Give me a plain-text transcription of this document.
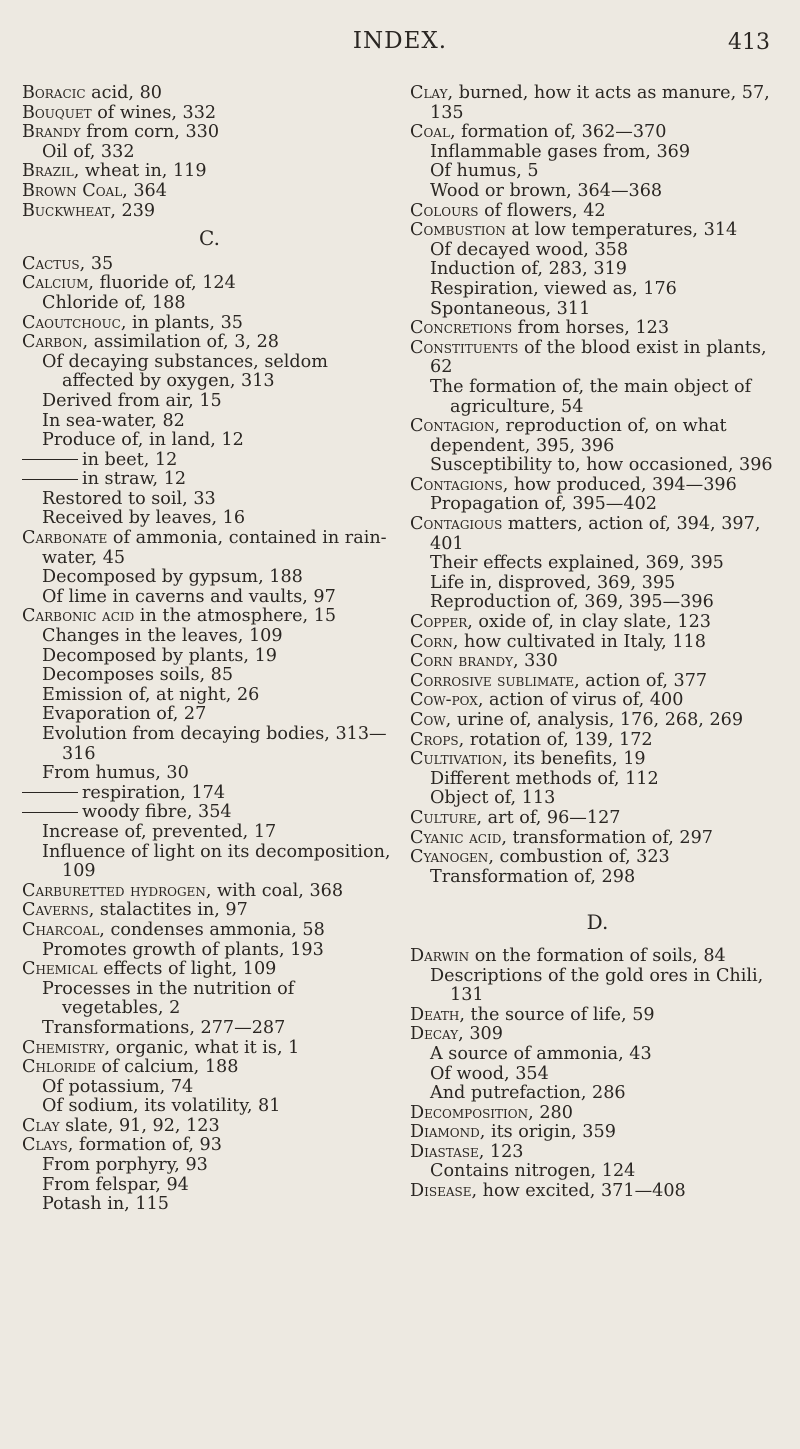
INDEX.	413

Boracic acid, 80

Bouquet of wines, 332

Brandy from corn, 330

Oil of, 332

Brazil, wheat in, 119

Brown Coal, 364

Buckwheat, 239

C.

Cactus, 35

Calcium, fluoride of, 124

Chloride of, 188

Caoutchouc, in plants, 35

Carbon, assimilation of, 3, 28

Of decaying substances, seldom affected by oxygen, 313

Derived from air, 15

In sea-water, 82

Produce of, in land, 12

in beet, 12

in straw, 12

Restored to soil, 33

Received by leaves, 16

Carbonate of ammonia, contained in rain-water, 45

Decomposed by gypsum, 188

Of lime in caverns and vaults, 97

Carbonic acid in the atmosphere, 15

Changes in the leaves, 109

Decomposed by plants, 19

Decomposes soils, 85

Emission of, at night, 26

Evaporation of, 27

Evolution from decaying bodies, 313—316

From humus, 30

respiration, 174

woody fibre, 354

Increase of, prevented, 17

Influence of light on its decomposition, 109

Carburetted hydrogen, with coal, 368

Caverns, stalactites in, 97

Charcoal, condenses ammonia, 58

Promotes growth of plants, 193

Chemical effects of light, 109

Processes in the nutrition of vegetables, 2

Transformations, 277—287

Chemistry, organic, what it is, 1

Chloride of calcium, 188

Of potassium, 74

Of sodium, its volatility, 81

Clay slate, 91, 92, 123

Clays, formation of, 93

From porphyry, 93

From felspar, 94

Potash in, 115

Clay, burned, how it acts as manure, 57, 135

Coal, formation of, 362—370

Inflammable gases from, 369

Of humus, 5

Wood or brown, 364—368

Colours of flowers, 42

Combustion at low temperatures, 314

Of decayed wood, 358

Induction of, 283, 319

Respiration, viewed as, 176

Spontaneous, 311

Concretions from horses, 123

Constituents of the blood exist in plants, 62

The formation of, the main object of agriculture, 54

Contagion, reproduction of, on what dependent, 395, 396

Susceptibility to, how occasioned, 396

Contagions, how produced, 394—396

Propagation of, 395—402

Contagious matters, action of, 394, 397, 401

Their effects explained, 369, 395

Life in, disproved, 369, 395

Reproduction of, 369, 395—396

Copper, oxide of, in clay slate, 123

Corn, how cultivated in Italy, 118

Corn brandy, 330

Corrosive sublimate, action of, 377

Cow-pox, action of virus of, 400

Cow, urine of, analysis, 176, 268, 269

Crops, rotation of, 139, 172

Cultivation, its benefits, 19

Different methods of, 112

Object of, 113

Culture, art of, 96—127

Cyanic acid, transformation of, 297

Cyanogen, combustion of, 323

Transformation of, 298

D.

Darwin on the formation of soils, 84

Descriptions of the gold ores in Chili, 131

Death, the source of life, 59

Decay, 309

A source of ammonia, 43

Of wood, 354

And putrefaction, 286

Decomposition, 280

Diamond, its origin, 359

Diastase, 123

Contains nitrogen, 124

Disease, how excited, 371—408
